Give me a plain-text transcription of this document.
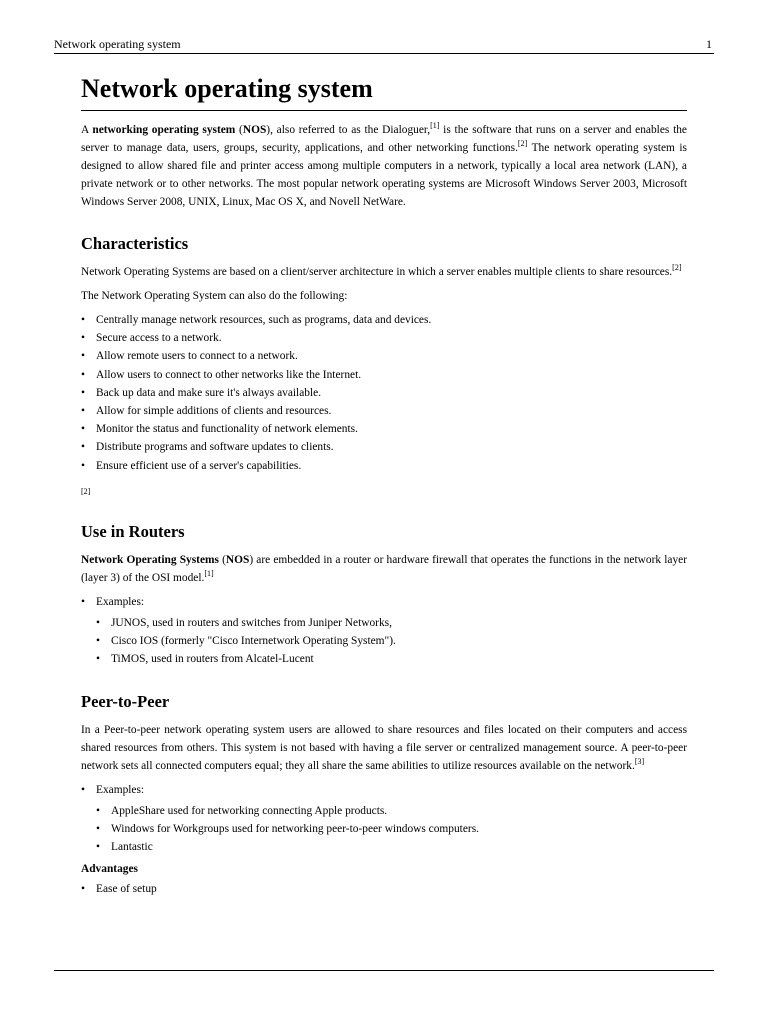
Network operating system	1
Network operating system

A networking operating system (NOS), also referred to as the Dialoguer,[1] is the software that runs on a server and enables the server to manage data, users, groups, security, applications, and other networking functions.[2] The network operating system is designed to allow shared file and printer access among multiple computers in a network, typically a local area network (LAN), a private network or to other networks. The most popular network operating systems are Microsoft Windows Server 2003, Microsoft Windows Server 2008, UNIX, Linux, Mac OS X, and Novell NetWare.

Characteristics

Network Operating Systems are based on a client/server architecture in which a server enables multiple clients to share resources.[2]

The Network Operating System can also do the following:

• Centrally manage network resources, such as programs, data and devices.
• Secure access to a network.
• Allow remote users to connect to a network.
• Allow users to connect to other networks like the Internet.
• Back up data and make sure it's always available.
• Allow for simple additions of clients and resources.
• Monitor the status and functionality of network elements.
• Distribute programs and software updates to clients.
• Ensure efficient use of a server's capabilities.
[2]
Use in Routers

Network Operating Systems (NOS) are embedded in a router or hardware firewall that operates the functions in the network layer (layer 3) of the OSI model.[1]

• Examples:
• JUNOS, used in routers and switches from Juniper Networks,
• Cisco IOS (formerly "Cisco Internetwork Operating System").
• TiMOS, used in routers from Alcatel-Lucent
Peer-to-Peer

In a Peer-to-peer network operating system users are allowed to share resources and files located on their computers and access shared resources from others. This system is not based with having a file server or centralized management source. A peer-to-peer network sets all connected computers equal; they all share the same abilities to utilize resources available on the network.[3]

• Examples:
• AppleShare used for networking connecting Apple products.
• Windows for Workgroups used for networking peer-to-peer windows computers.
• Lantastic
Advantages
• Ease of setup
